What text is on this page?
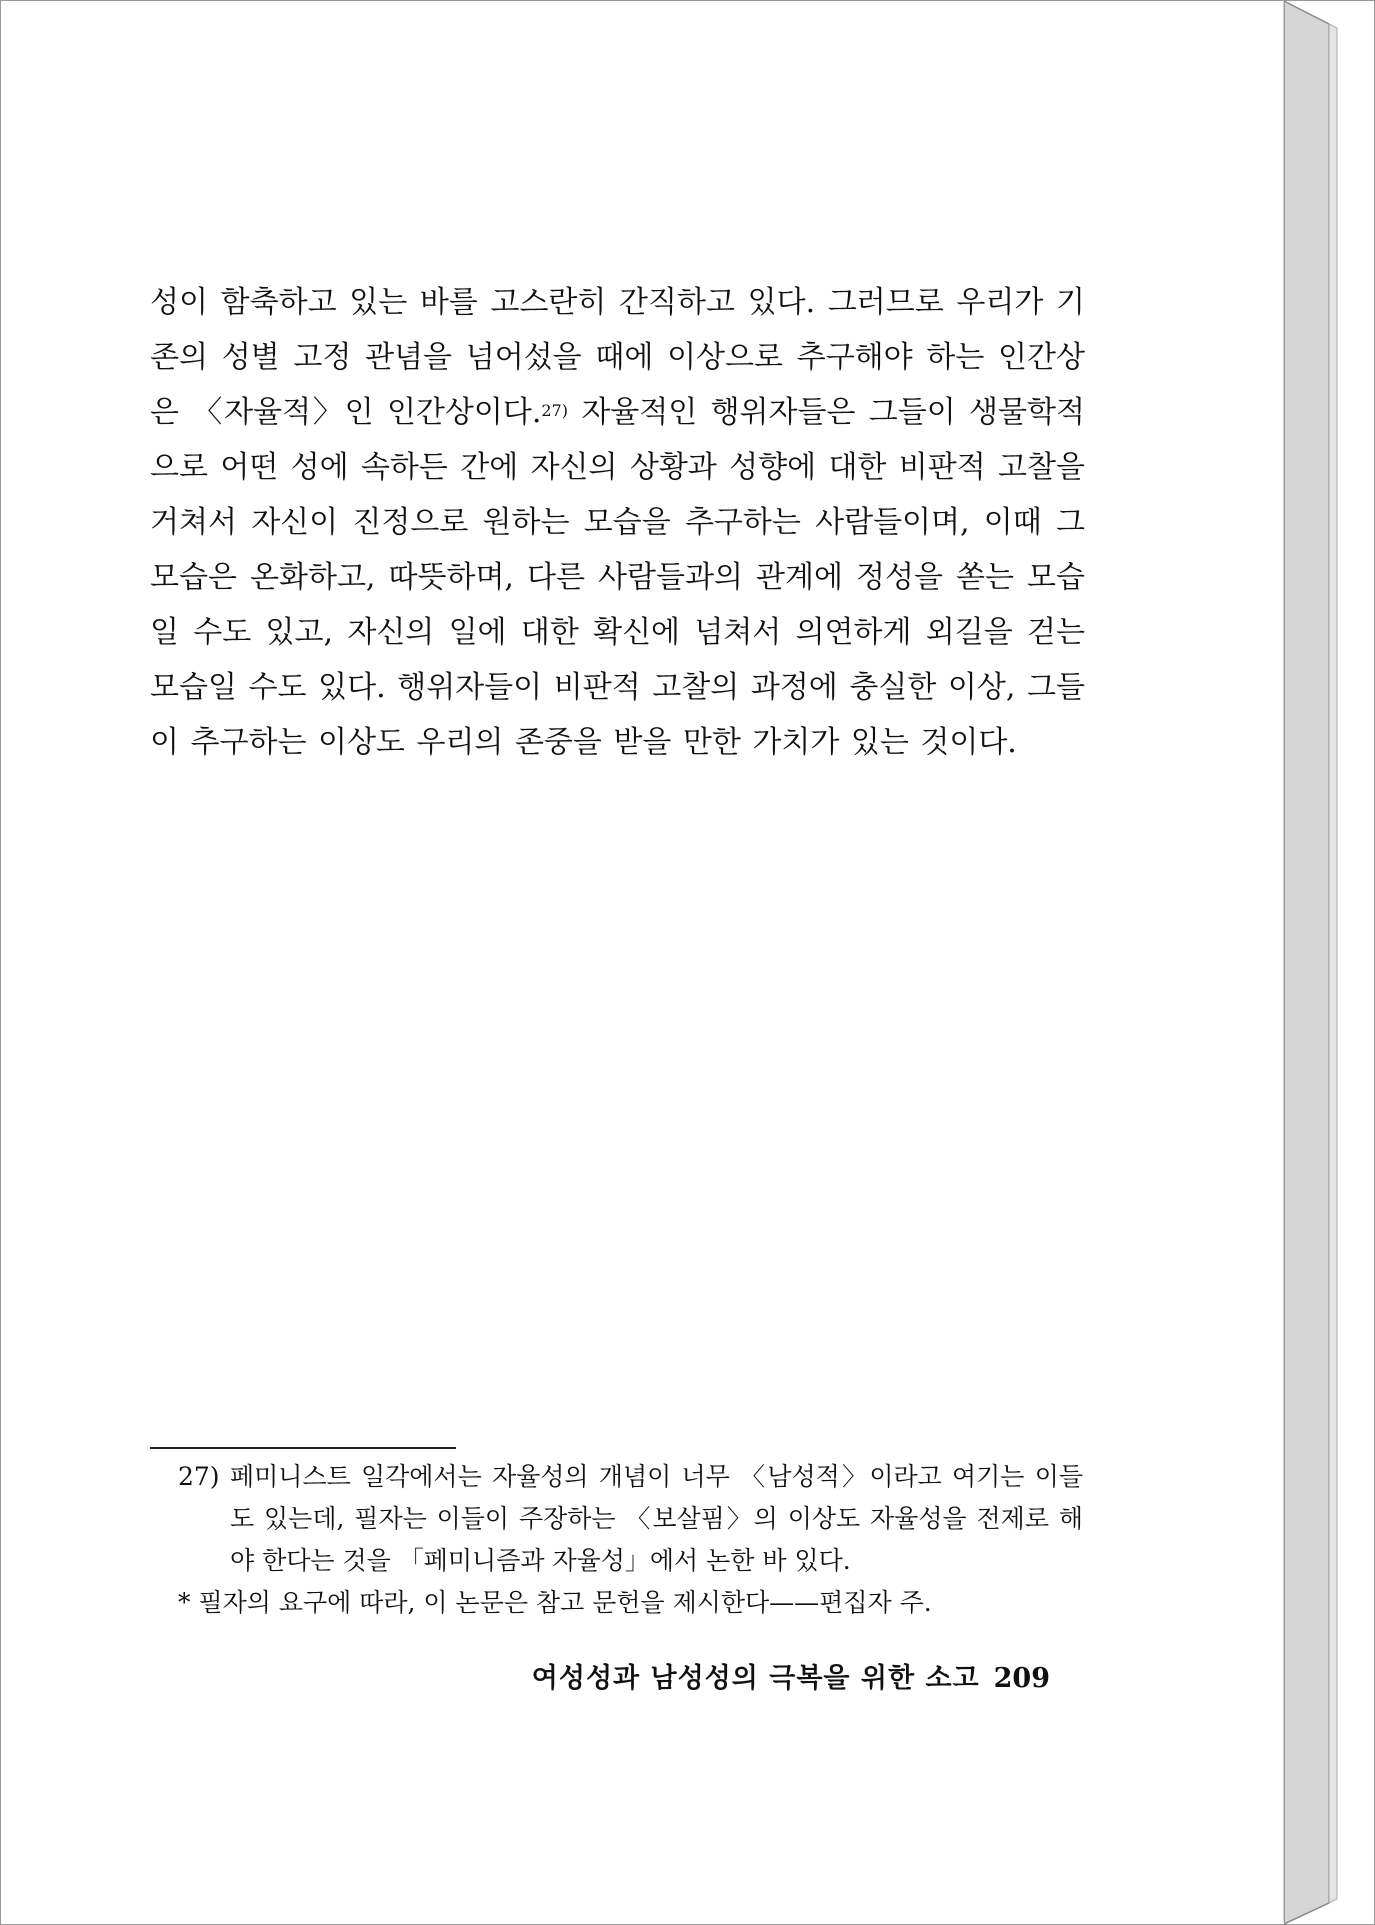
성이 함축하고 있는 바를 고스란히 간직하고 있다. 그러므로 우리가 기존의 성별 고정 관념을 넘어섰을 때에 이상으로 추구해야 하는 인간상은 〈자율적〉인 인간상이다.$^{27)}$ 자율적인 행위자들은 그들이 생물학적으로 어떤 성에 속하든 간에 자신의 상황과 성향에 대한 비판적 고찰을 거쳐서 자신이 진정으로 원하는 모습을 추구하는 사람들이며, 이때 그 모습은 온화하고, 따뜻하며, 다른 사람들과의 관계에 정성을 쏟는 모습일 수도 있고, 자신의 일에 대한 확신에 넘쳐서 의연하게 외길을 걷는 모습일 수도 있다. 행위자들이 비판적 고찰의 과정에 충실한 이상, 그들이 추구하는 이상도 우리의 존중을 받을 만한 가치가 있는 것이다.
27) 페미니스트 일각에서는 자율성의 개념이 너무 〈남성적〉이라고 여기는 이들도 있는데, 필자는 이들이 주장하는 〈보살핌〉의 이상도 자율성을 전제로 해야 한다는 것을 「페미니즘과 자율성」에서 논한 바 있다.
* 필자의 요구에 따라, 이 논문은 참고 문헌을 제시한다——편집자 주.
여성성과 남성성의 극복을 위한 소고 209
